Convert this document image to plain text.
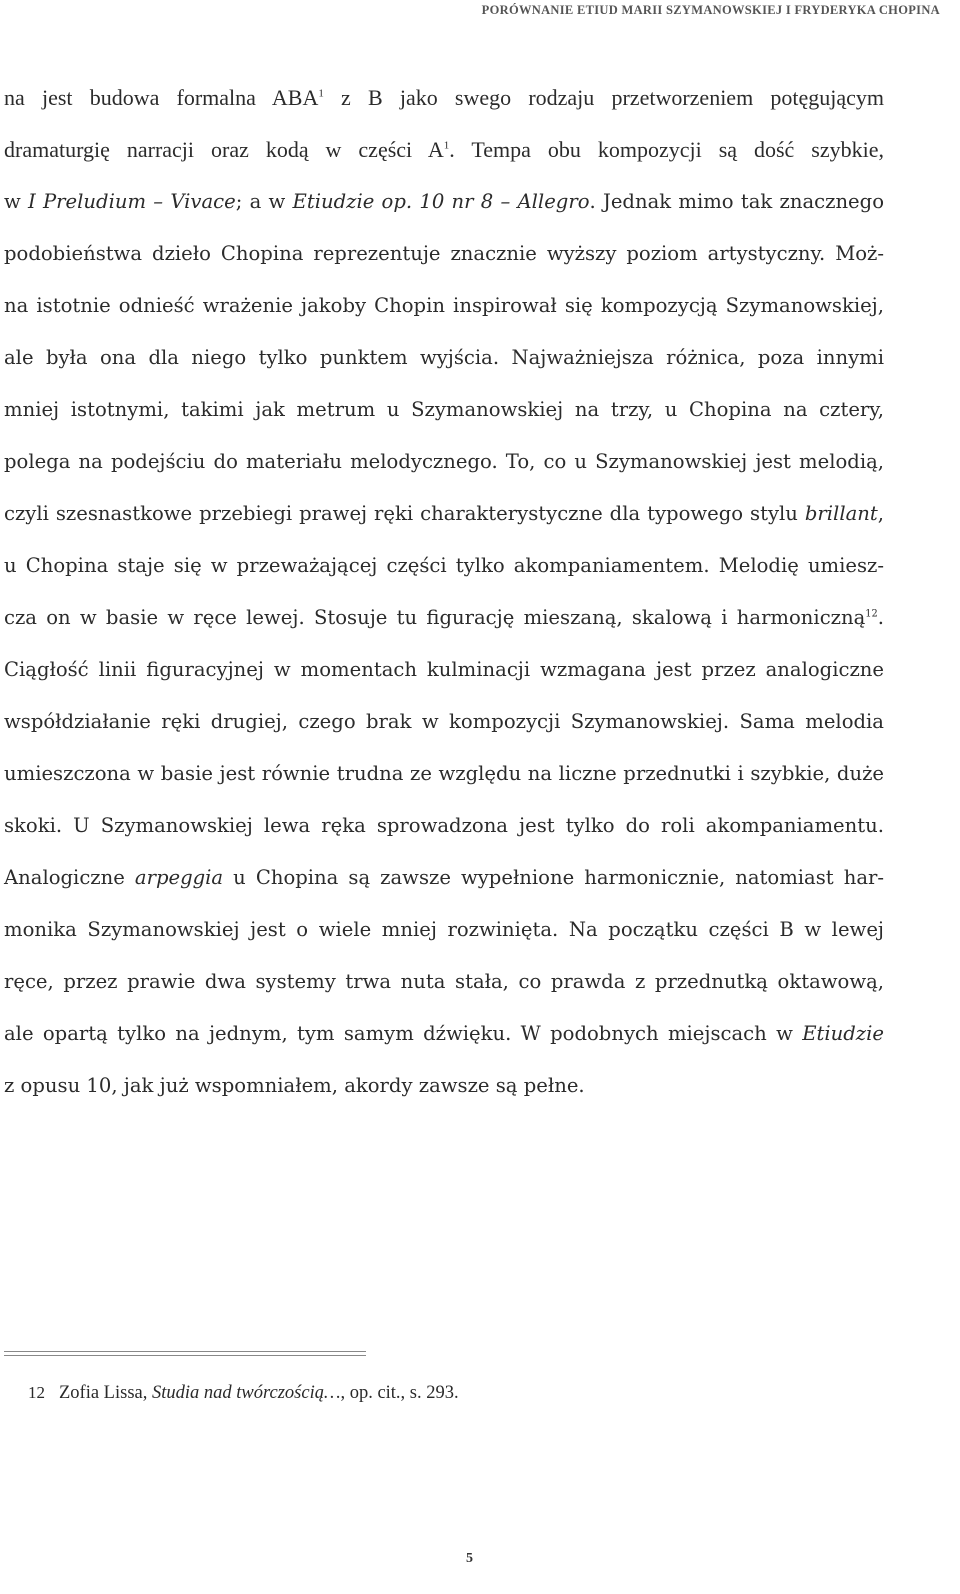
PORÓWNANIE ETIUD MARII SZYMANOWSKIEJ I FRYDERYKA CHOPINA
na jest budowa formalna ABA$^1$ z B jako swego rodzaju przetworzeniem potęgującym
dramaturgię narracji oraz kodą w części $A^1$. Tempa obu kompozycji są dość szybkie,
w I Preludium – Vivace; a w Etiudzie op. 10 nr 8 – Allegro. Jednak mimo tak znacznego
podobieństwa dzieło Chopina reprezentuje znacznie wyższy poziom artystyczny. Moż-
na istotnie odnieść wrażenie jakoby Chopin inspirował się kompozycją Szymanowskiej,
ale była ona dla niego tylko punktem wyjścia. Najważniejsza różnica, poza innymi
mniej istotnymi, takimi jak metrum u Szymanowskiej na trzy, u Chopina na cztery,
polega na podejściu do materiału melodycznego. To, co u Szymanowskiej jest melodią,
czyli szesnastkowe przebiegi prawej ręki charakterystyczne dla typowego stylu brillant,
u Chopina staje się w przeważającej części tylko akompaniamentem. Melodię umiesz-
cza on w basie w ręce lewej. Stosuje tu figurację mieszaną, skalową i harmoniczną$^{12}$.
Ciągłość linii figuracyjnej w momentach kulminacji wzmagana jest przez analogiczne
współdziałanie ręki drugiej, czego brak w kompozycji Szymanowskiej. Sama melodia
umieszczona w basie jest równie trudna ze względu na liczne przednutki i szybkie, duże
skoki. U Szymanowskiej lewa ręka sprowadzona jest tylko do roli akompaniamentu.
Analogiczne arpeggia u Chopina są zawsze wypełnione harmonicznie, natomiast har-
monika Szymanowskiej jest o wiele mniej rozwinięta. Na początku części B w lewej
ręce, przez prawie dwa systemy trwa nuta stała, co prawda z przednutką oktawową,
ale opartą tylko na jednym, tym samym dźwięku. W podobnych miejscach w Etiudzie
z opusu 10, jak już wspomniałem, akordy zawsze są pełne.
12 Zofia Lissa, Studia nad twórczością…, op. cit., s. 293.
5
